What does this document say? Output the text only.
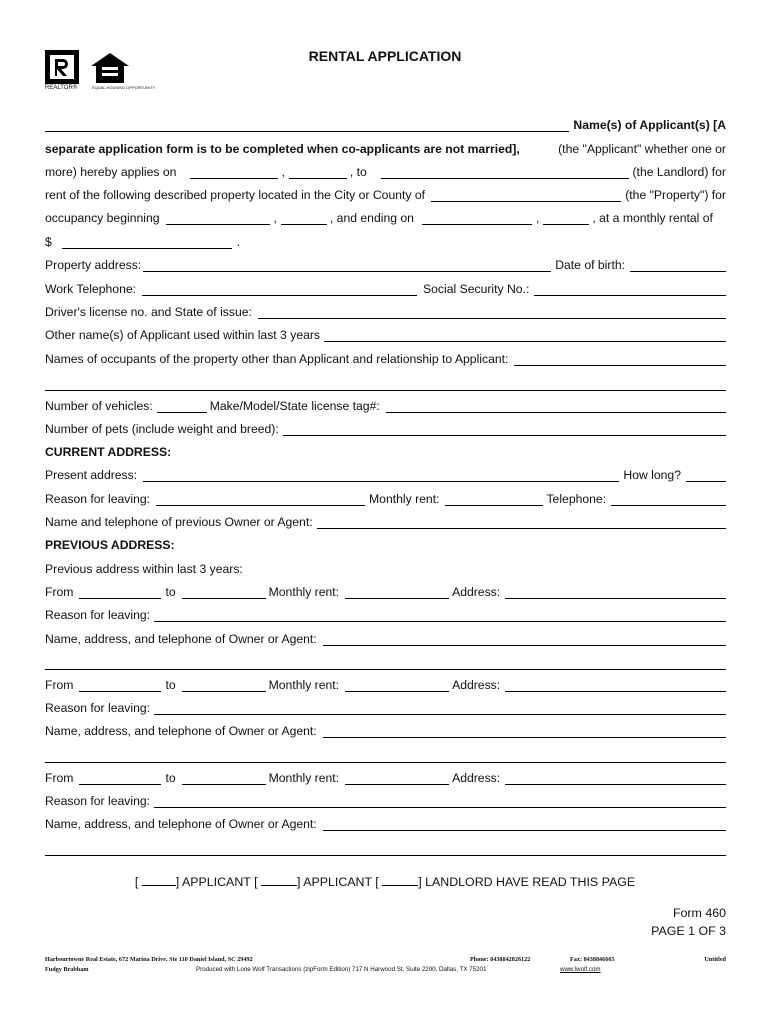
REALTOR®	EQUAL HOUSING OPPORTUNITY
RENTAL APPLICATION
Name(s) of Applicant(s) [A
separate application form is to be completed when co-applicants are not married],	(the "Applicant" whether one or
more) hereby applies on	,	, to	(the Landlord) for
rent of the following described property located in the City or County of	(the "Property") for
occupancy beginning	,	, and ending on	,	, at a monthly rental of
$	.
Property address:	Date of birth:
Work Telephone:	Social Security No.:
Driver's license no. and State of issue:
Other name(s) of Applicant used within last 3 years
Names of occupants of the property other than Applicant and relationship to Applicant:
Number of vehicles:	Make/Model/State license tag#:
Number of pets (include weight and breed):
CURRENT ADDRESS:
Present address:	How long?
Reason for leaving:	Monthly rent:	Telephone:
Name and telephone of previous Owner or Agent:
PREVIOUS ADDRESS:
Previous address within last 3 years:
From	to	Monthly rent:	Address:
Reason for leaving:
Name, address, and telephone of Owner or Agent:
From	to	Monthly rent:	Address:
Reason for leaving:
Name, address, and telephone of Owner or Agent:
From	to	Monthly rent:	Address:
Reason for leaving:
Name, address, and telephone of Owner or Agent:
[	] APPLICANT [	] APPLICANT [	] LANDLORD HAVE READ THIS PAGE
Form 460
PAGE 1 OF 3
Harbourtowne Real Estate, 672 Marina Drive, Ste 110 Daniel Island, SC 29492
Fudgy Brabham
Phone: 8438842826122	Fax: 8438846665	Untitled
Produced with Lone Wolf Transactions (zipForm Edition) 717 N Harwood St, Suite 2200, Dallas, TX 75201	www.lwolf.com
